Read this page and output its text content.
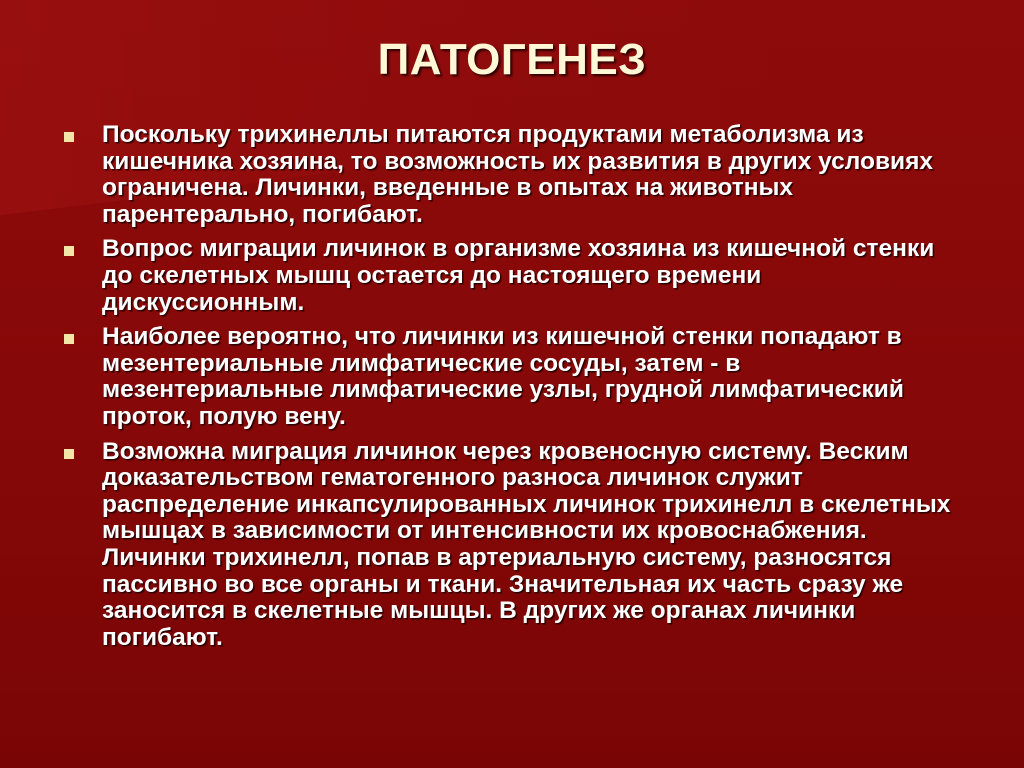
ПАТОГЕНЕЗ
Поскольку трихинеллы питаются продуктами метаболизма из кишечника хозяина, то возможность их развития в других условиях ограничена. Личинки, введенные в опытах на животных парентерально, погибают.
Вопрос миграции личинок в организме хозяина из кишечной стенки до скелетных мышц остается до настоящего времени дискуссионным.
Наиболее вероятно, что личинки из кишечной стенки попадают в мезентериальные лимфатические сосуды, затем - в мезентериальные лимфатические узлы, грудной лимфатический проток, полую вену.
Возможна миграция личинок через кровеносную систему. Веским доказательством гематогенного разноса личинок служит распределение инкапсулированных личинок трихинелл в скелетных мышцах в зависимости от интенсивности их кровоснабжения. Личинки трихинелл, попав в артериальную систему, разносятся пассивно во все органы и ткани. Значительная их часть сразу же заносится в скелетные мышцы. В других же органах личинки погибают.
